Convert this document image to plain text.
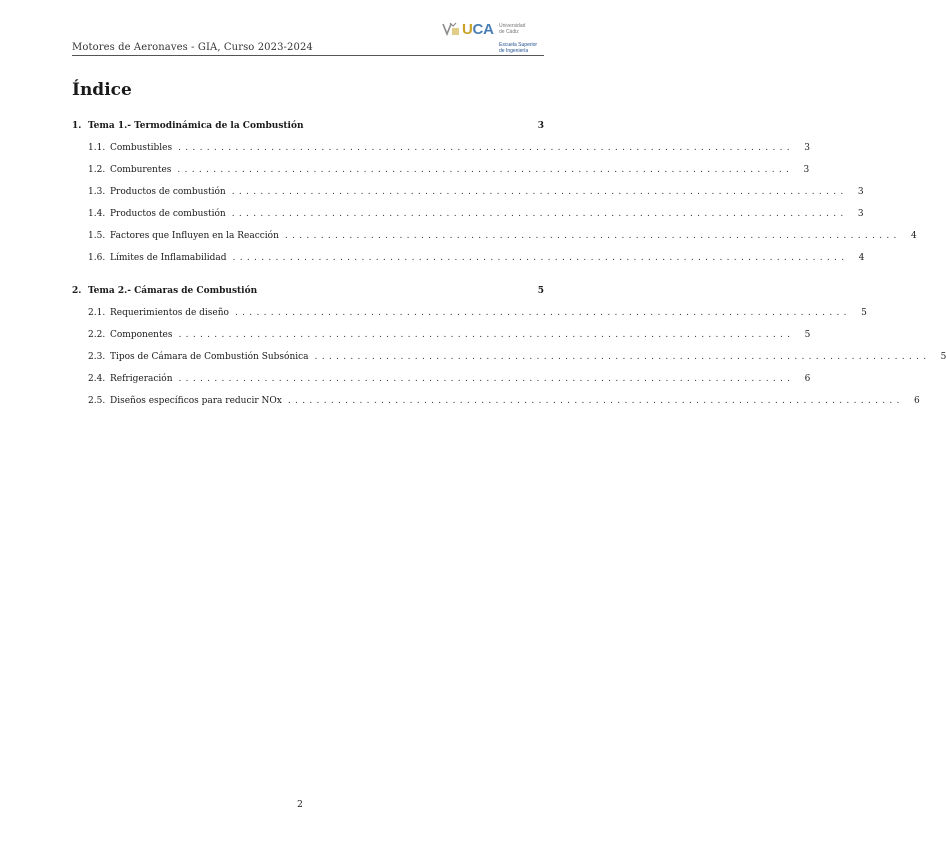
Motores de Aeronaves - GIA, Curso 2023-2024
UCA Universidad
de Cádiz
Escuela Superior
de Ingeniería
Índice
1. Tema 1.- Termodinámica de la Combustión	3
1.1. Combustibles ......................................................................................	3
1.2. Comburentes ......................................................................................	3
1.3. Productos de combustión ......................................................................................	3
1.4. Productos de combustión ......................................................................................	3
1.5. Factores que Influyen en la Reacción ......................................................................................	4
1.6. Límites de Inflamabilidad ......................................................................................	4
2. Tema 2.- Cámaras de Combustión	5
2.1. Requerimientos de diseño ......................................................................................	5
2.2. Componentes ......................................................................................	5
2.3. Tipos de Cámara de Combustión Subsónica ......................................................................................	5
2.4. Refrigeración ......................................................................................	6
2.5. Diseños específicos para reducir NOx ......................................................................................	6
2
